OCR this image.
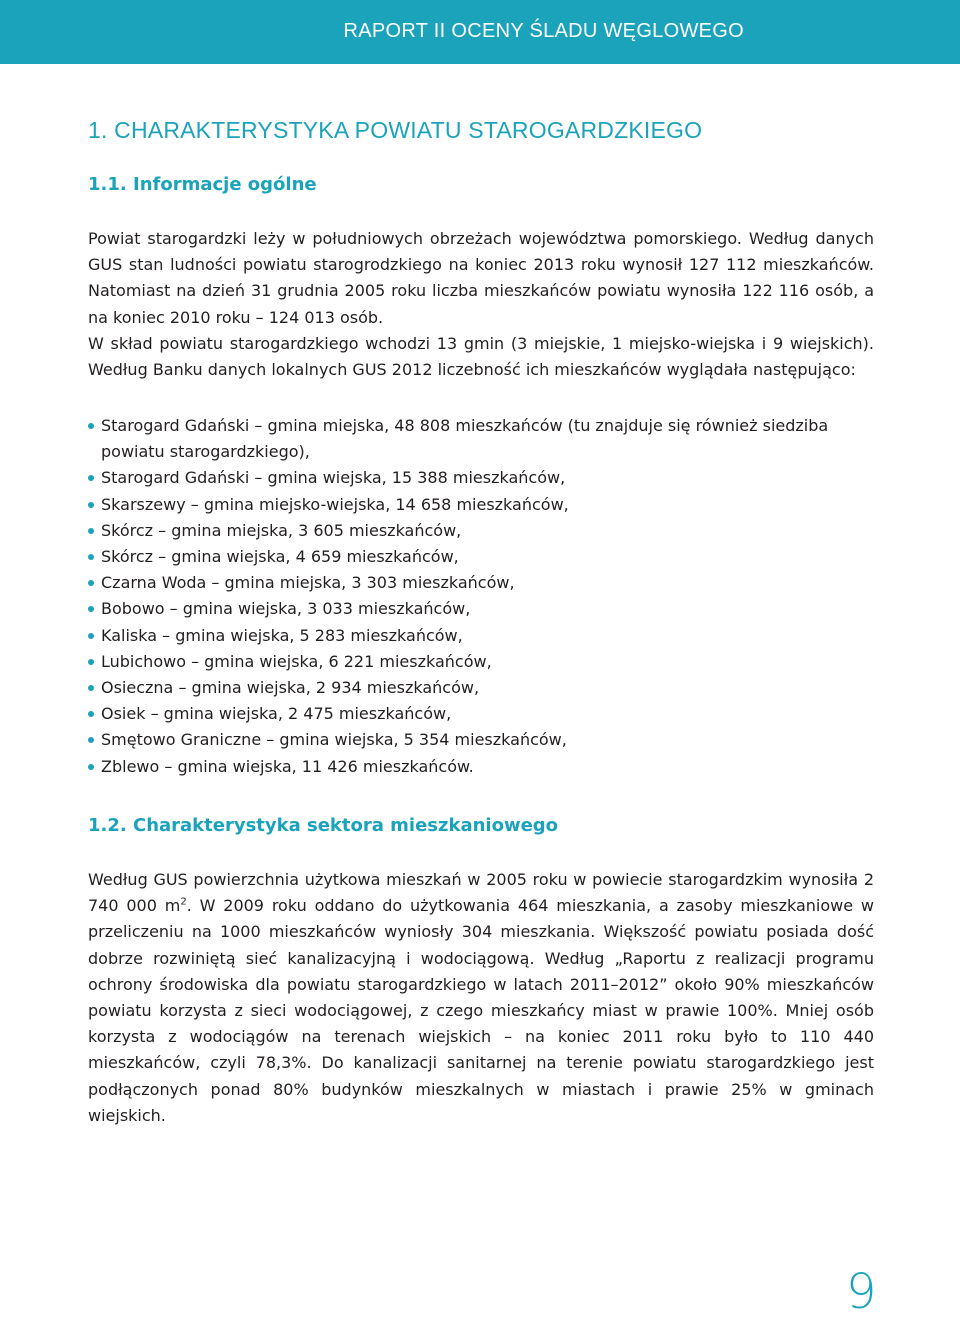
RAPORT II OCENY ŚLADU WĘGLOWEGO
1. CHARAKTERYSTYKA POWIATU STAROGARDZKIEGO
1.1. Informacje ogólne

Powiat starogardzki leży w południowych obrzeżach województwa pomorskiego. Według danych GUS stan ludności powiatu starogrodzkiego na koniec 2013 roku wynosił 127 112 mieszkańców. Natomiast na dzień 31 grudnia 2005 roku liczba mieszkańców powiatu wynosiła 122 116 osób, a na koniec 2010 roku – 124 013 osób.
W skład powiatu starogardzkiego wchodzi 13 gmin (3 miejskie, 1 miejsko-wiejska i 9 wiejskich). Według Banku danych lokalnych GUS 2012 liczebność ich mieszkańców wyglądała następująco:

Starogard Gdański – gmina miejska, 48 808 mieszkańców (tu znajduje się również siedziba powiatu starogardzkiego),
Starogard Gdański – gmina wiejska, 15 388 mieszkańców,
Skarszewy – gmina miejsko-wiejska, 14 658 mieszkańców,
Skórcz – gmina miejska, 3 605 mieszkańców,
Skórcz – gmina wiejska, 4 659 mieszkańców,
Czarna Woda – gmina miejska, 3 303 mieszkańców,
Bobowo – gmina wiejska, 3 033 mieszkańców,
Kaliska – gmina wiejska, 5 283 mieszkańców,
Lubichowo – gmina wiejska, 6 221 mieszkańców,
Osieczna – gmina wiejska, 2 934 mieszkańców,
Osiek – gmina wiejska, 2 475 mieszkańców,
Smętowo Graniczne – gmina wiejska, 5 354 mieszkańców,
Zblewo – gmina wiejska, 11 426 mieszkańców.
1.2. Charakterystyka sektora mieszkaniowego

Według GUS powierzchnia użytkowa mieszkań w 2005 roku w powiecie starogardzkim wynosiła 2 740 000 $m^2$. W 2009 roku oddano do użytkowania 464 mieszkania, a zasoby mieszkaniowe w przeliczeniu na 1000 mieszkańców wyniosły 304 mieszkania. Większość powiatu posiada dość dobrze rozwiniętą sieć kanalizacyjną i wodociągową. Według „Raportu z realizacji programu ochrony środowiska dla powiatu starogardzkiego w latach 2011–2012” około 90% mieszkańców powiatu korzysta z sieci wodociągowej, z czego mieszkańcy miast w prawie 100%. Mniej osób korzysta z wodociągów na terenach wiejskich – na koniec 2011 roku było to 110 440 mieszkańców, czyli 78,3%. Do kanalizacji sanitarnej na terenie powiatu starogardzkiego jest podłączonych ponad 80% budynków mieszkalnych w miastach i prawie 25% w gminach wiejskich.

9
